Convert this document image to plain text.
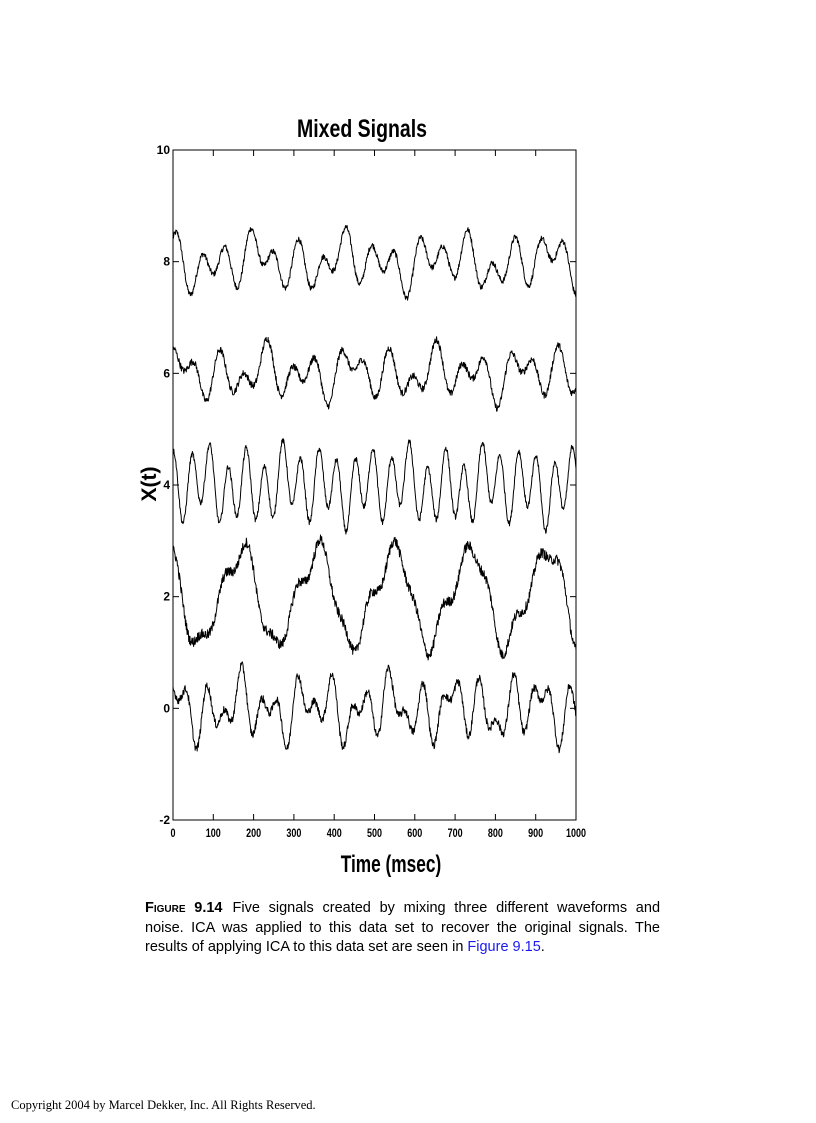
Mixed Signals
0	100 200 300 400 500 600 700 800 900 1000
-2
0
2
4
6
8
10
Time (msec)
X(t)
Figure 9.14 Five signals created by mixing three different waveforms and noise. ICA was applied to this data set to recover the original signals. The results of applying ICA to this data set are seen in Figure 9.15.
Copyright 2004 by Marcel Dekker, Inc. All Rights Reserved.
